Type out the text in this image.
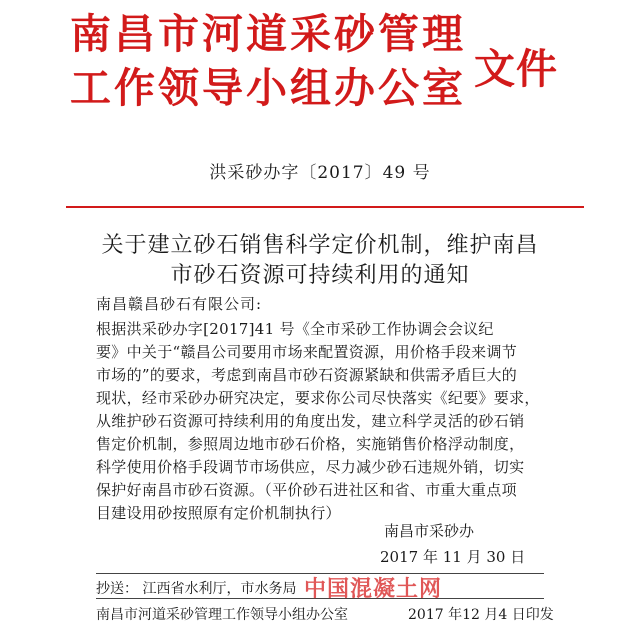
南昌市河道采砂管理
工作领导小组办公室 文件
洪采砂办字〔2017〕49 号
关于建立砂石销售科学定价机制，维护南昌
市砂石资源可持续利用的通知
南昌赣昌砂石有限公司:
根据洪采砂办字[2017]41 号《全市采砂工作协调会会议纪
要》中关于“赣昌公司要用市场来配置资源，用价格手段来调节
市场的”的要求，考虑到南昌市砂石资源紧缺和供需矛盾巨大的
现状，经市采砂办研究决定，要求你公司尽快落实《纪要》要求，
从维护砂石资源可持续利用的角度出发，建立科学灵活的砂石销
售定价机制，参照周边地市砂石价格，实施销售价格浮动制度，
科学使用价格手段调节市场供应，尽力减少砂石违规外销，切实
保护好南昌市砂石资源。（平价砂石进社区和省、市重大重点项
目建设用砂按照原有定价机制执行）
南昌市采砂办
2017 年 11 月 30 日
抄送： 江西省水利厅，市水务局
南昌市河道采砂管理工作领导小组办公室	2017 年12 月4 日印发
中国混凝土网
